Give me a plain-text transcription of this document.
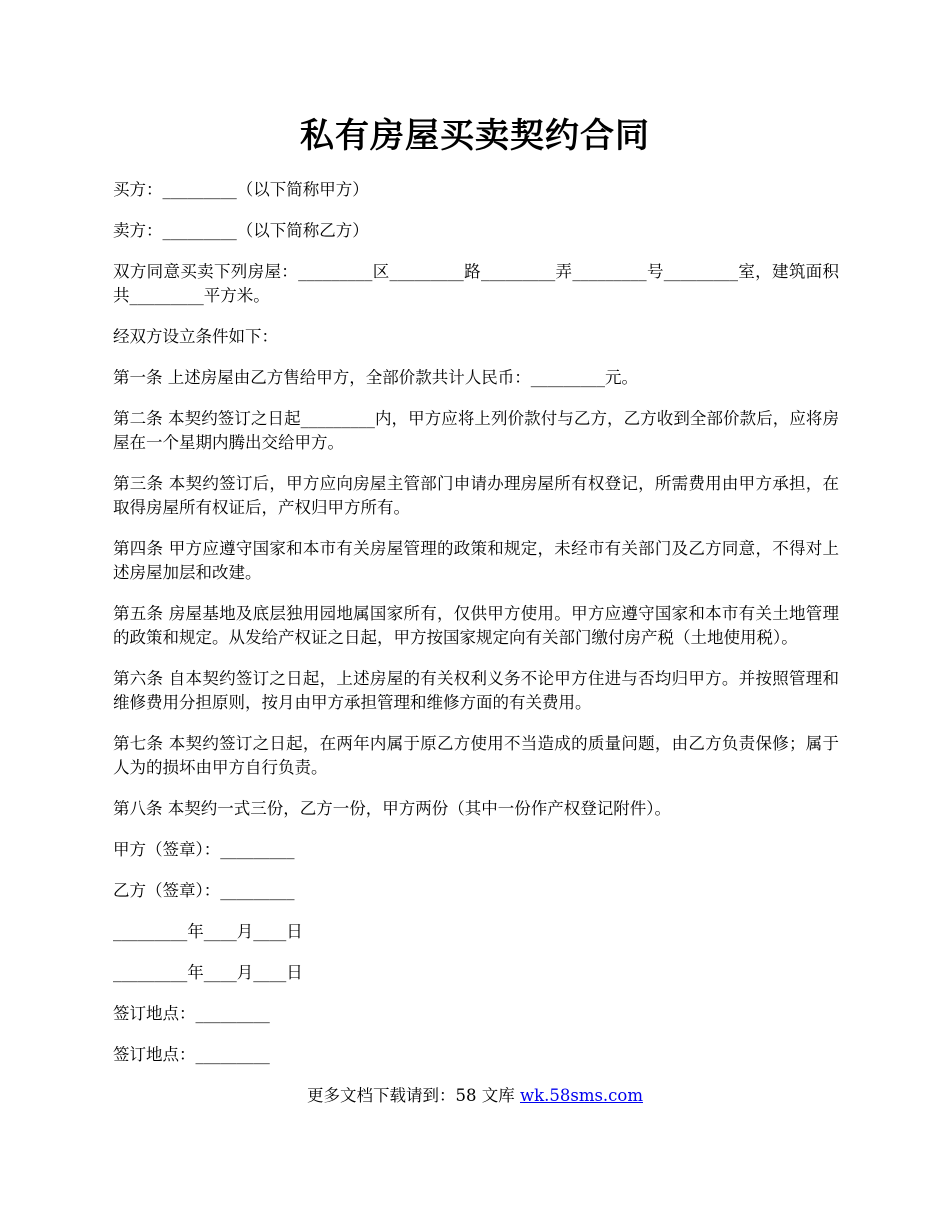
私有房屋买卖契约合同

买方：_________（以下简称甲方）

卖方：_________（以下简称乙方）

双方同意买卖下列房屋：_________区_________路_________弄_________号_________室，建筑面积共_________平方米。

经双方设立条件如下：

第一条 上述房屋由乙方售给甲方，全部价款共计人民币：_________元。

第二条 本契约签订之日起_________内，甲方应将上列价款付与乙方，乙方收到全部价款后，应将房屋在一个星期内腾出交给甲方。

第三条 本契约签订后，甲方应向房屋主管部门申请办理房屋所有权登记，所需费用由甲方承担，在取得房屋所有权证后，产权归甲方所有。

第四条 甲方应遵守国家和本市有关房屋管理的政策和规定，未经市有关部门及乙方同意，不得对上述房屋加层和改建。

第五条 房屋基地及底层独用园地属国家所有，仅供甲方使用。甲方应遵守国家和本市有关土地管理的政策和规定。从发给产权证之日起，甲方按国家规定向有关部门缴付房产税（土地使用税）。

第六条 自本契约签订之日起，上述房屋的有关权利义务不论甲方住进与否均归甲方。并按照管理和维修费用分担原则，按月由甲方承担管理和维修方面的有关费用。

第七条 本契约签订之日起，在两年内属于原乙方使用不当造成的质量问题，由乙方负责保修；属于人为的损坏由甲方自行负责。

第八条 本契约一式三份，乙方一份，甲方两份（其中一份作产权登记附件）。

甲方（签章）：_________

乙方（签章）：_________

_________年____月____日

_________年____月____日

签订地点：_________

签订地点：_________

更多文档下载请到：58 文库 wk.58sms.com
